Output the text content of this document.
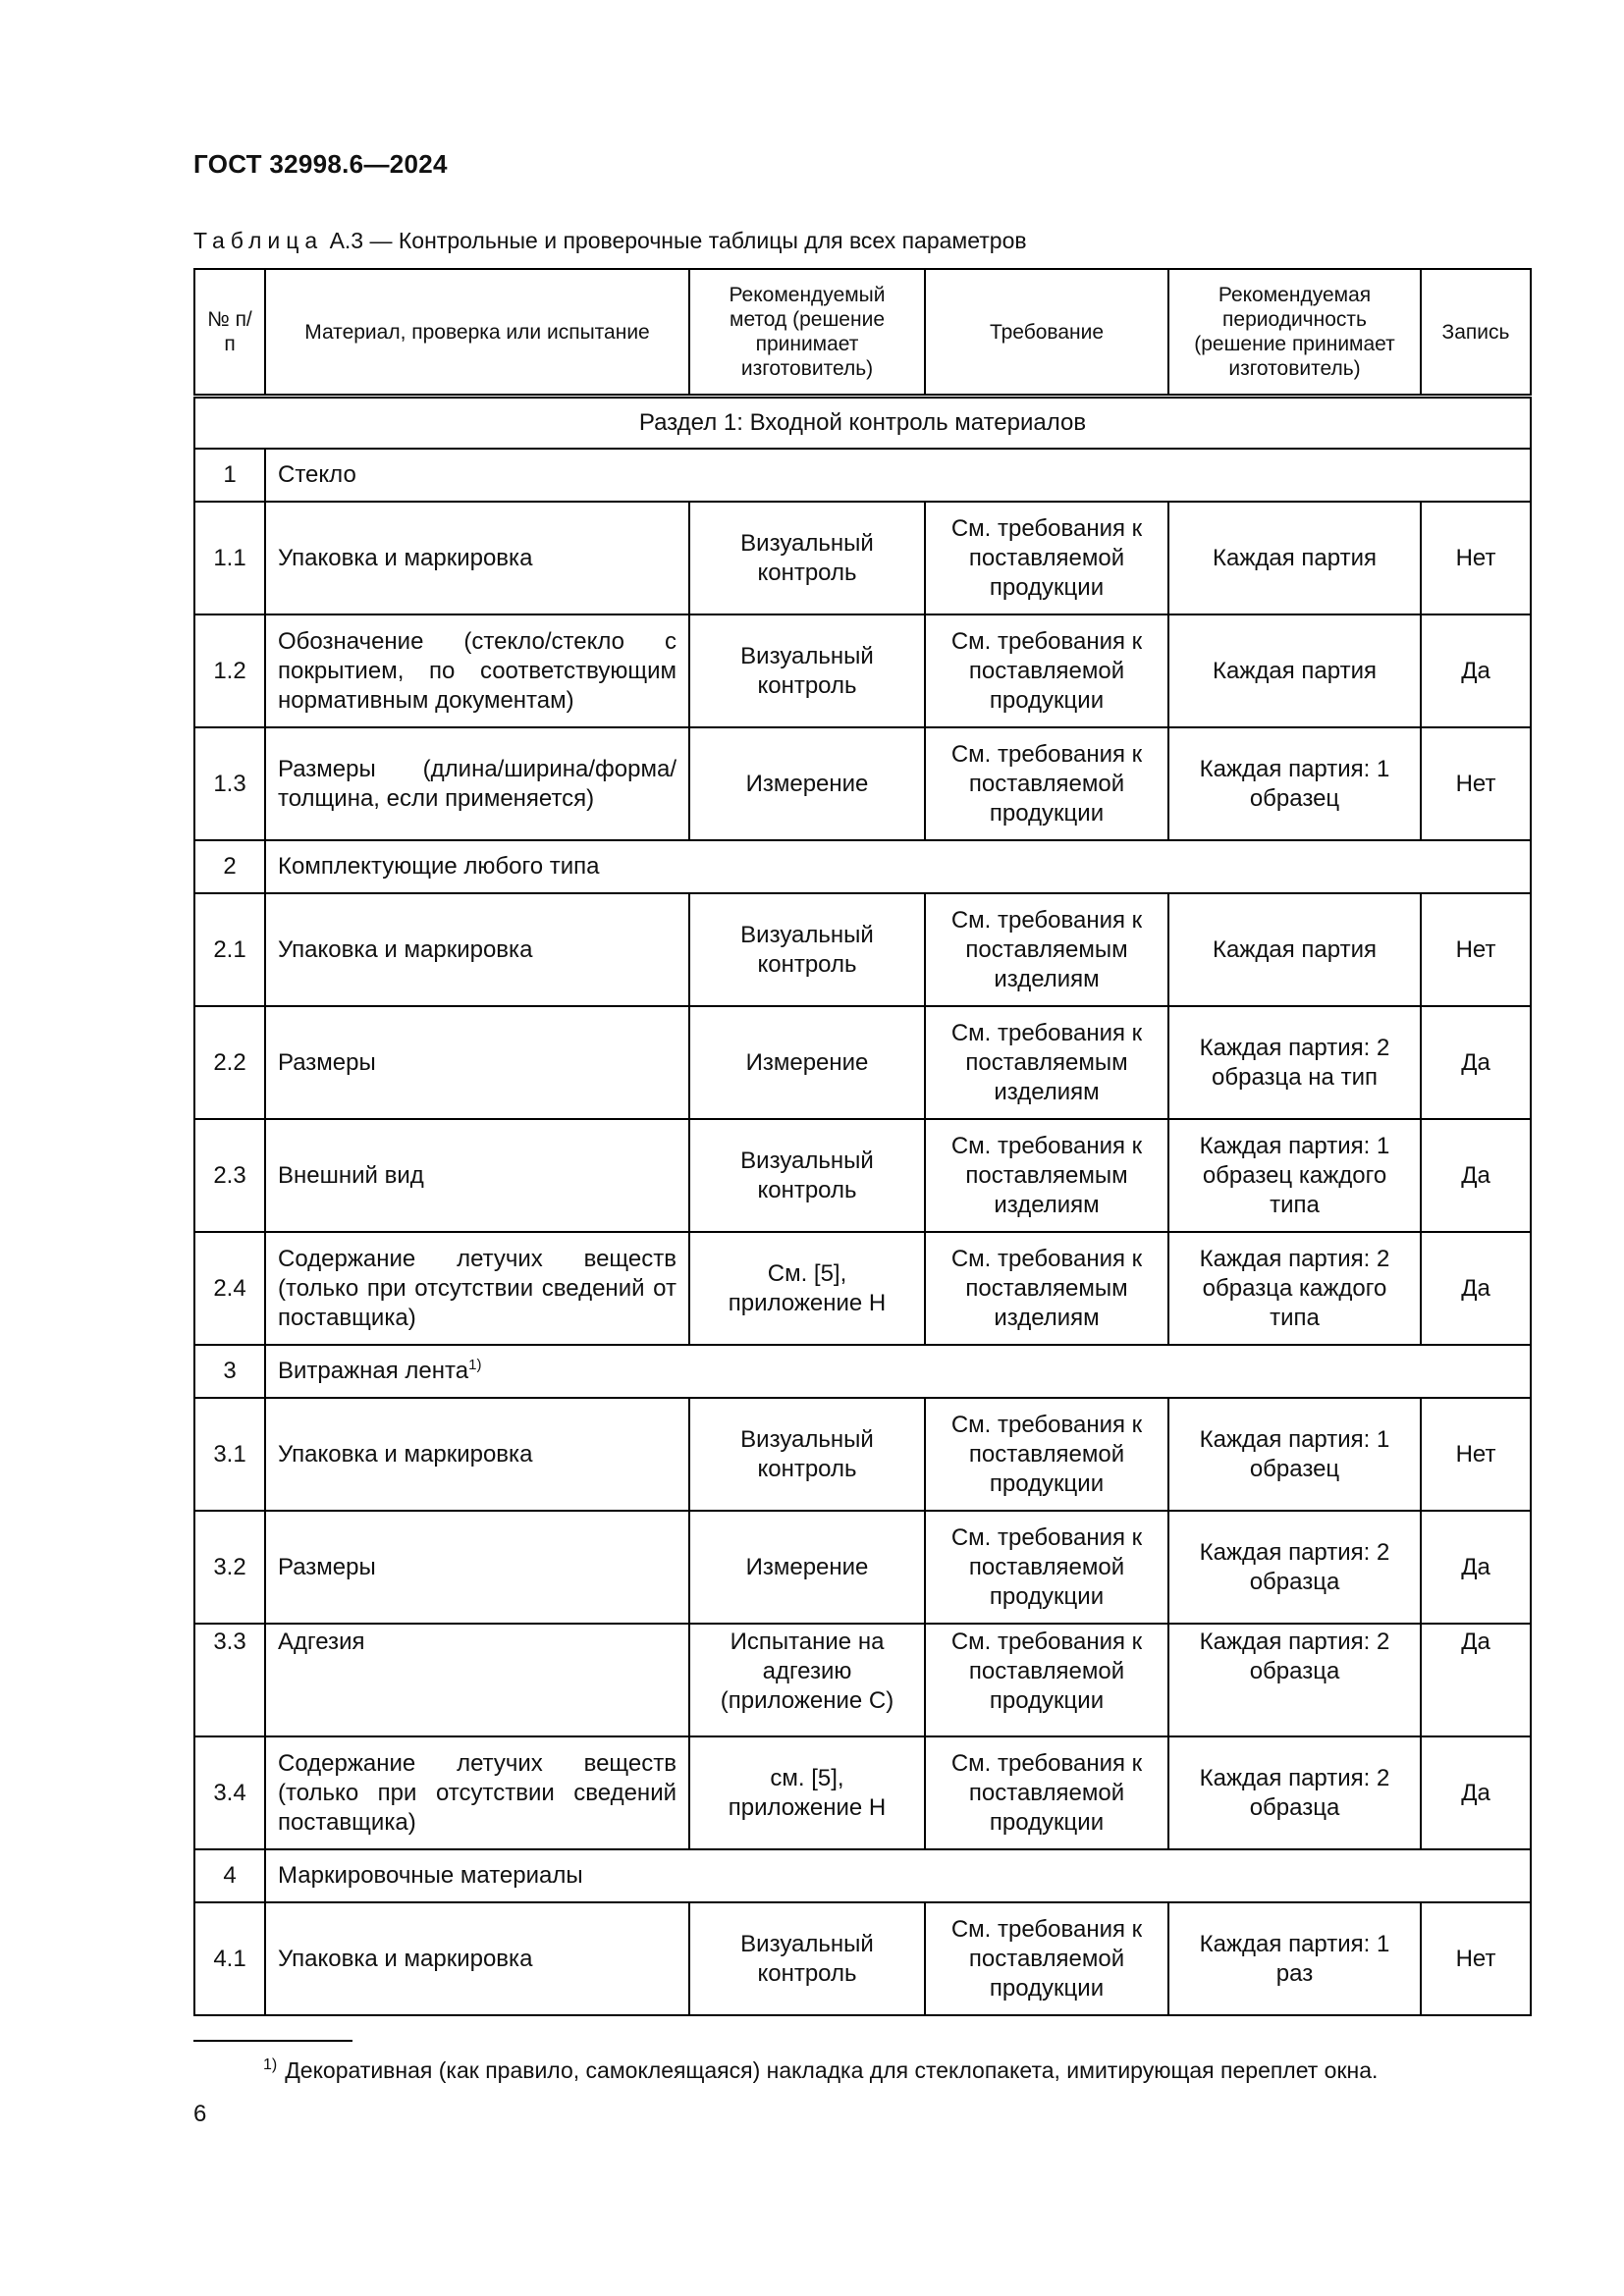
ГОСТ 32998.6—2024
Таблица А.3 — Контрольные и проверочные таблицы для всех параметров
№ п/п	Материал, проверка или испытание	Рекомендуемый метод (решение принимает изготовитель)	Требование	Рекомендуемая периодичность (решение принимает изготовитель)	Запись
Раздел 1: Входной контроль материалов					
1	Стекло				
1.1	Упаковка и маркировка	Визуальный контроль	См. требования к поставляемой продукции	Каждая партия	Нет
1.2	Обозначение (стекло/стекло с покрытием, по соответствующим нормативным документам)	Визуальный контроль	См. требования к поставляемой продукции	Каждая партия	Да
1.3	Размеры (длина/ширина/форма/ толщина, если применяется)	Измерение	См. требования к поставляемой продукции	Каждая партия: 1 образец	Нет
2	Комплектующие любого типа				
2.1	Упаковка и маркировка	Визуальный контроль	См. требования к поставляемым изделиям	Каждая партия	Нет
2.2	Размеры	Измерение	См. требования к поставляемым изделиям	Каждая партия: 2 образца на тип	Да
2.3	Внешний вид	Визуальный контроль	См. требования к поставляемым изделиям	Каждая партия: 1 образец каждого типа	Да
2.4	Содержание летучих веществ (только при отсутствии сведений от поставщика)	См. [5], приложение Н	См. требования к поставляемым изделиям	Каждая партия: 2 образца каждого типа	Да
3	Витражная лента$^{1)}$
3.1	Упаковка и маркировка	Визуальный контроль	См. требования к поставляемой продукции	Каждая партия: 1 образец	Нет
3.2	Размеры	Измерение	См. требования к поставляемой продукции	Каждая партия: 2 образца	Да
3.3	Адгезия	Испытание на адгезию (приложение С)	См. требования к поставляемой продукции	Каждая партия: 2 образца	Да
3.4	Содержание летучих веществ (только при отсутствии сведений поставщика)	см. [5], приложение Н	См. требования к поставляемой продукции	Каждая партия: 2 образца	Да
4	Маркировочные материалы				
4.1	Упаковка и маркировка	Визуальный контроль	См. требования к поставляемой продукции	Каждая партия: 1 раз	Нет
$^{1)}$ Декоративная (как правило, самоклеящаяся) накладка для стеклопакета, имитирующая переплет окна.
6
